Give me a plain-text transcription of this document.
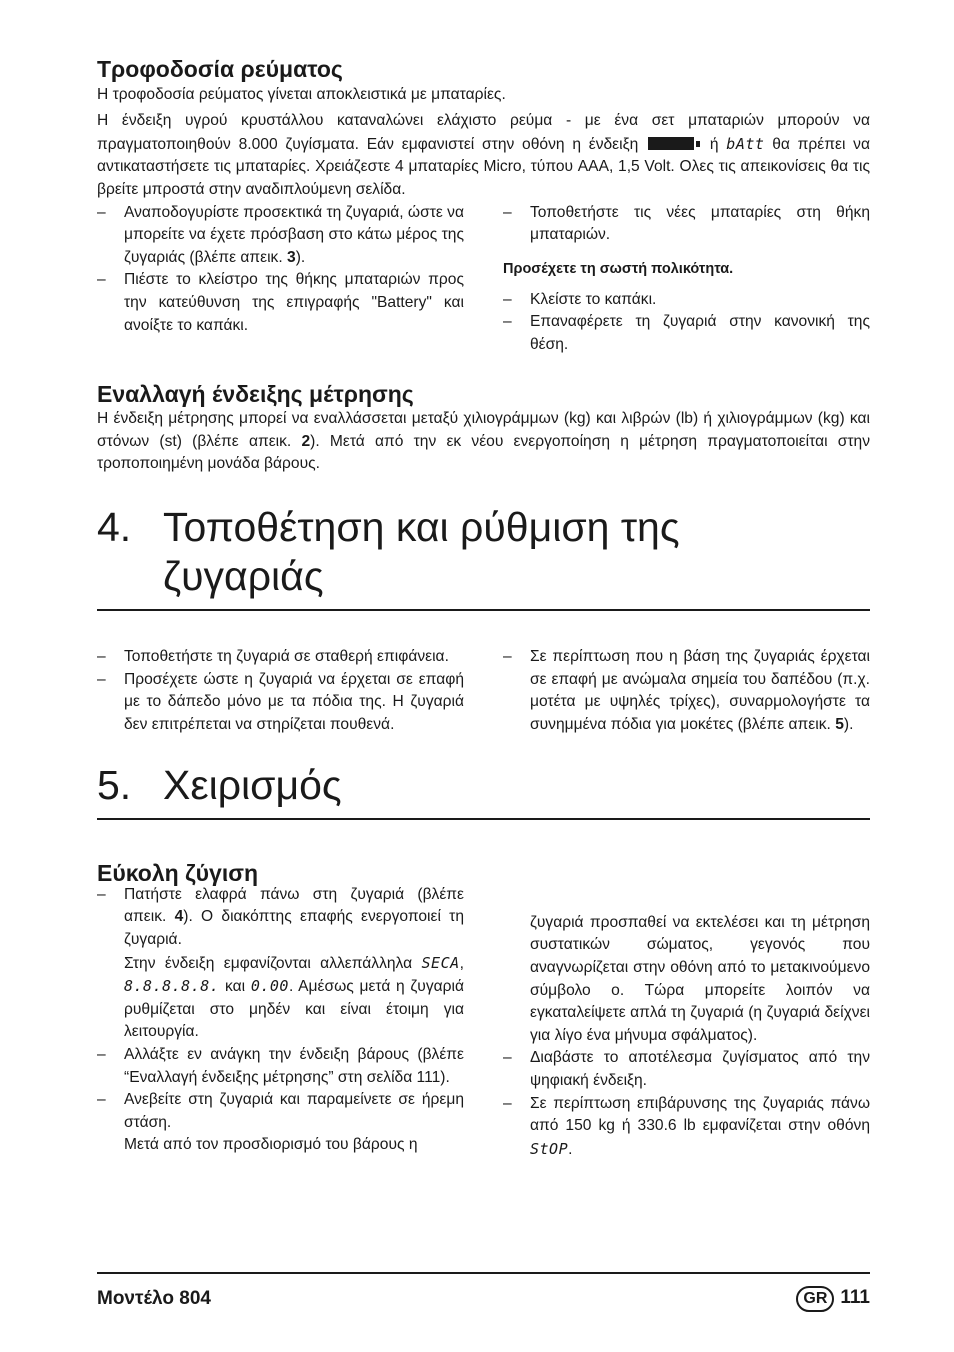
Τροφοδοσία ρεύματος

Η τροφοδοσία ρεύματος γίνεται αποκλειστικά με μπαταρίες.

Η ένδειξη υγρού κρυστάλλου καταναλώνει ελάχιστο ρεύμα - με ένα σετ μπαταριών μπορούν να πραγματοποιηθούν 8.000 ζυγίσματα. Εάν εμφανιστεί στην οθόνη η ένδειξη	ή bAtt θα πρέπει να αντικαταστήσετε τις μπαταρίες. Χρειάζεστε 4 μπαταρίες Micro, τύπου AAA, 1,5 Volt. Ολες τις απεικονίσεις θα τις βρείτε μπροστά στην αναδιπλούμενη σελίδα.

– Αναποδογυρίστε προσεκτικά τη ζυγαριά, ώστε να μπορείτε να έχετε πρόσβαση στο κάτω μέρος της ζυγαριάς (βλέπε απεικ. 3).
– Πιέστε το κλείστρο της θήκης μπαταριών προς την κατεύθυνση της επιγραφής "Battery" και ανοίξτε το καπάκι.
– Τοποθετήστε τις νέες μπαταρίες στη θήκη μπαταριών.
Προσέχετε τη σωστή πολικότητα.
– Κλείστε το καπάκι.
– Επαναφέρετε τη ζυγαριά στην κανονική της θέση.
Εναλλαγή ένδειξης μέτρησης

Η ένδειξη μέτρησης μπορεί να εναλλάσσεται μεταξύ χιλιογράμμων (kg) και λιβρών (lb) ή χιλιογράμμων (kg) και στόνων (st) (βλέπε απεικ. 2). Μετά από την εκ νέου ενεργοποίηση η μέτρηση πραγματοποιείται στην τροποποιημένη μονάδα βάρους.

4. Τοποθέτηση και ρύθμιση της ζυγαριάς
– Τοποθετήστε τη ζυγαριά σε σταθερή επιφάνεια.
– Προσέχετε ώστε η ζυγαριά να έρχεται σε επαφή με το δάπεδο μόνο με τα πόδια της. Η ζυγαριά δεν επιτρέπεται να στηρίζεται πουθενά.
– Σε περίπτωση που η βάση της ζυγαριάς έρχεται σε επαφή με ανώμαλα σημεία του δαπέδου (π.χ. μοτέτα με υψηλές τρίχες), συναρμολογήστε τα συνημμένα πόδια για μοκέτες (βλέπε απεικ. 5).
5. Χειρισμός
Εύκολη ζύγιση
– Πατήστε ελαφρά πάνω στη ζυγαριά (βλέπε απεικ. 4). Ο διακόπτης επαφής ενεργοποιεί τη ζυγαριά.
Στην ένδειξη εμφανίζονται αλλεπάλληλα SECA, 8.8.8.8.8. και 0.00. Αμέσως μετά η ζυγαριά ρυθμίζεται στο μηδέν και είναι έτοιμη για λειτουργία.
– Αλλάξτε εν ανάγκη την ένδειξη βάρους (βλέπε “Εναλλαγή ένδειξης μέτρησης” στη σελίδα 111).
– Ανεβείτε στη ζυγαριά και παραμείνετε σε ήρεμη στάση.
Μετά από τον προσδιορισμό του βάρους η
ζυγαριά προσπαθεί να εκτελέσει και τη μέτρηση συστατικών σώματος, γεγονός που αναγνωρίζεται στην οθόνη από το μετακινούμενο σύμβολο o. Τώρα μπορείτε λοιπόν να εγκαταλείψετε απλά τη ζυγαριά (η ζυγαριά δείχνει για λίγο ένα μήνυμα σφάλματος).
– Διαβάστε το αποτέλεσμα ζυγίσματος από την ψηφιακή ένδειξη.
– Σε περίπτωση επιβάρυνσης της ζυγαριάς πάνω από 150 kg ή 330.6 lb εμφανίζεται στην οθόνη StOP.
Μοντέλο 804	GR 111
